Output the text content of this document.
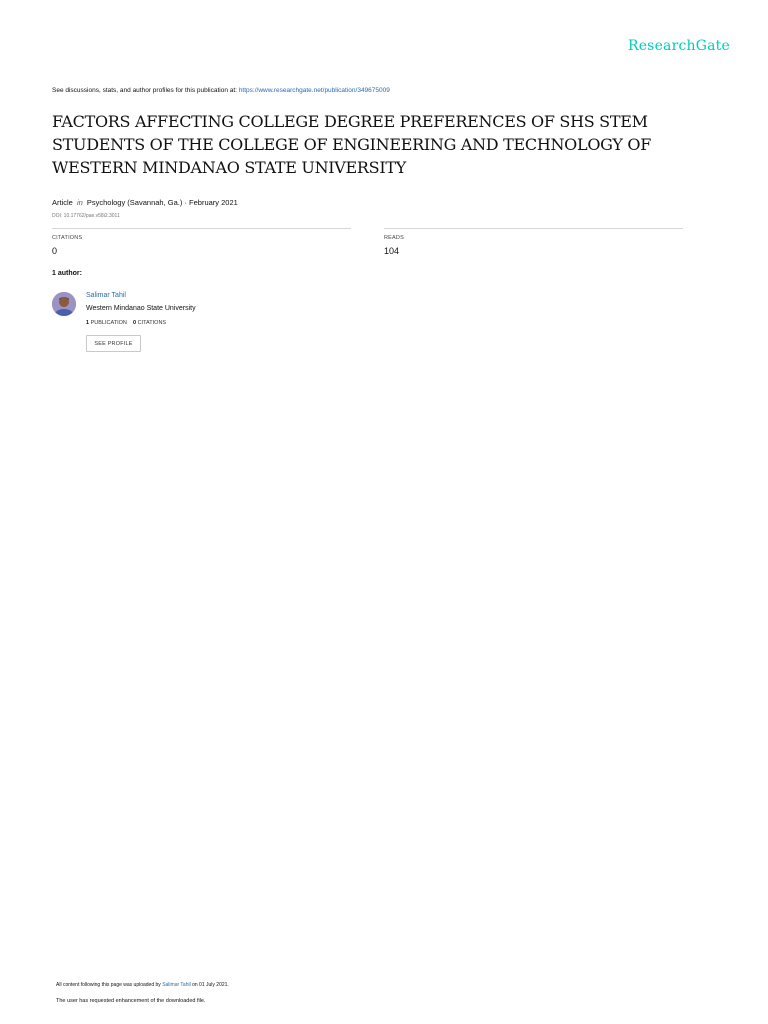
ResearchGate
See discussions, stats, and author profiles for this publication at: https://www.researchgate.net/publication/349675009
FACTORS AFFECTING COLLEGE DEGREE PREFERENCES OF SHS STEM
STUDENTS OF THE COLLEGE OF ENGINEERING AND TECHNOLOGY OF
WESTERN MINDANAO STATE UNIVERSITY
Article in Psychology (Savannah, Ga.) · February 2021
DOI: 10.17762/pae.v58i2.3011
CITATIONS
0
READS
104
1 author:
Salimar Tahil
Western Mindanao State University
1 PUBLICATION 0 CITATIONS
SEE PROFILE
All content following this page was uploaded by Salimar Tahil on 01 July 2021.
The user has requested enhancement of the downloaded file.
